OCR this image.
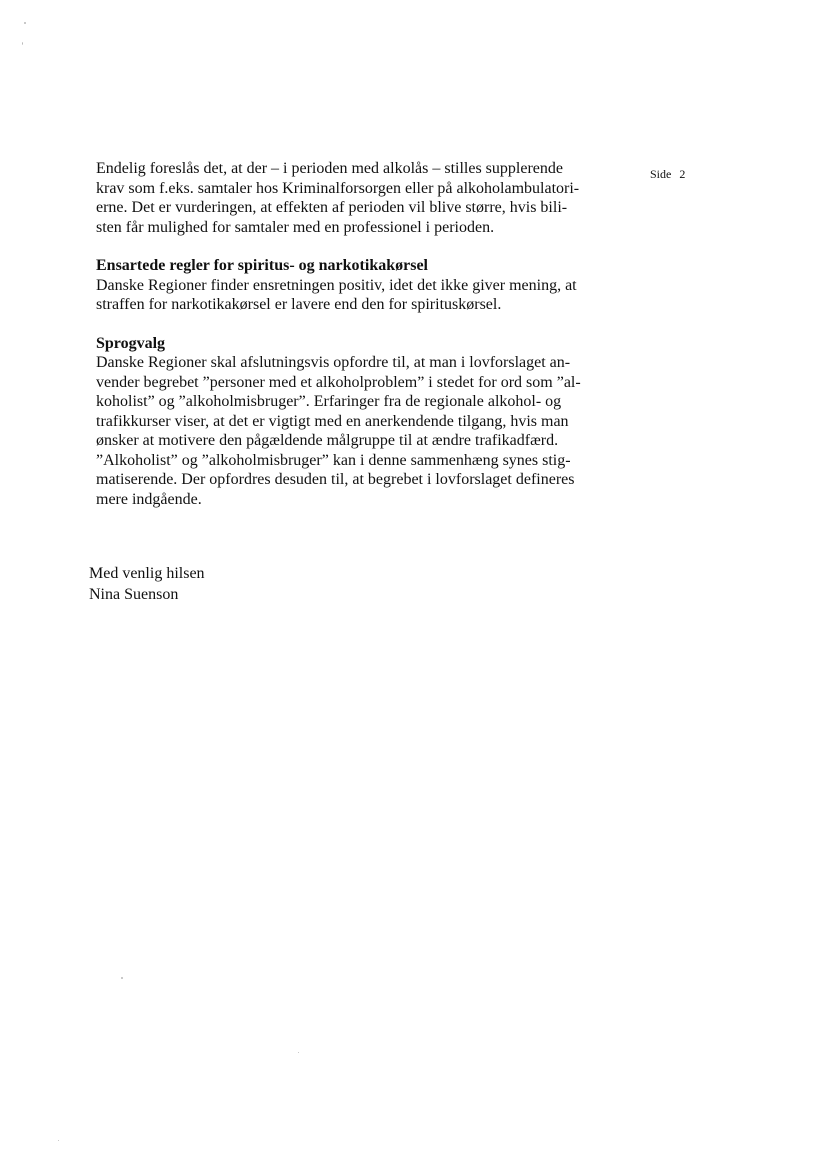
Side 2

Endelig foreslås det, at der – i perioden med alkolås – stilles supplerende
krav som f.eks. samtaler hos Kriminalforsorgen eller på alkoholambulatori-
erne. Det er vurderingen, at effekten af perioden vil blive større, hvis bili-
sten får mulighed for samtaler med en professionel i perioden.

Ensartede regler for spiritus- og narkotikakørsel
Danske Regioner finder ensretningen positiv, idet det ikke giver mening, at
straffen for narkotikakørsel er lavere end den for spirituskørsel.
Sprogvalg
Danske Regioner skal afslutningsvis opfordre til, at man i lovforslaget an-
vender begrebet ”personer med et alkoholproblem” i stedet for ord som ”al-
koholist” og ”alkoholmisbruger”. Erfaringer fra de regionale alkohol- og
trafikkurser viser, at det er vigtigt med en anerkendende tilgang, hvis man
ønsker at motivere den pågældende målgruppe til at ændre trafikadfærd.
”Alkoholist” og ”alkoholmisbruger” kan i denne sammenhæng synes stig-
matiserende. Der opfordres desuden til, at begrebet i lovforslaget defineres
mere indgående.
Med venlig hilsen
Nina Suenson
